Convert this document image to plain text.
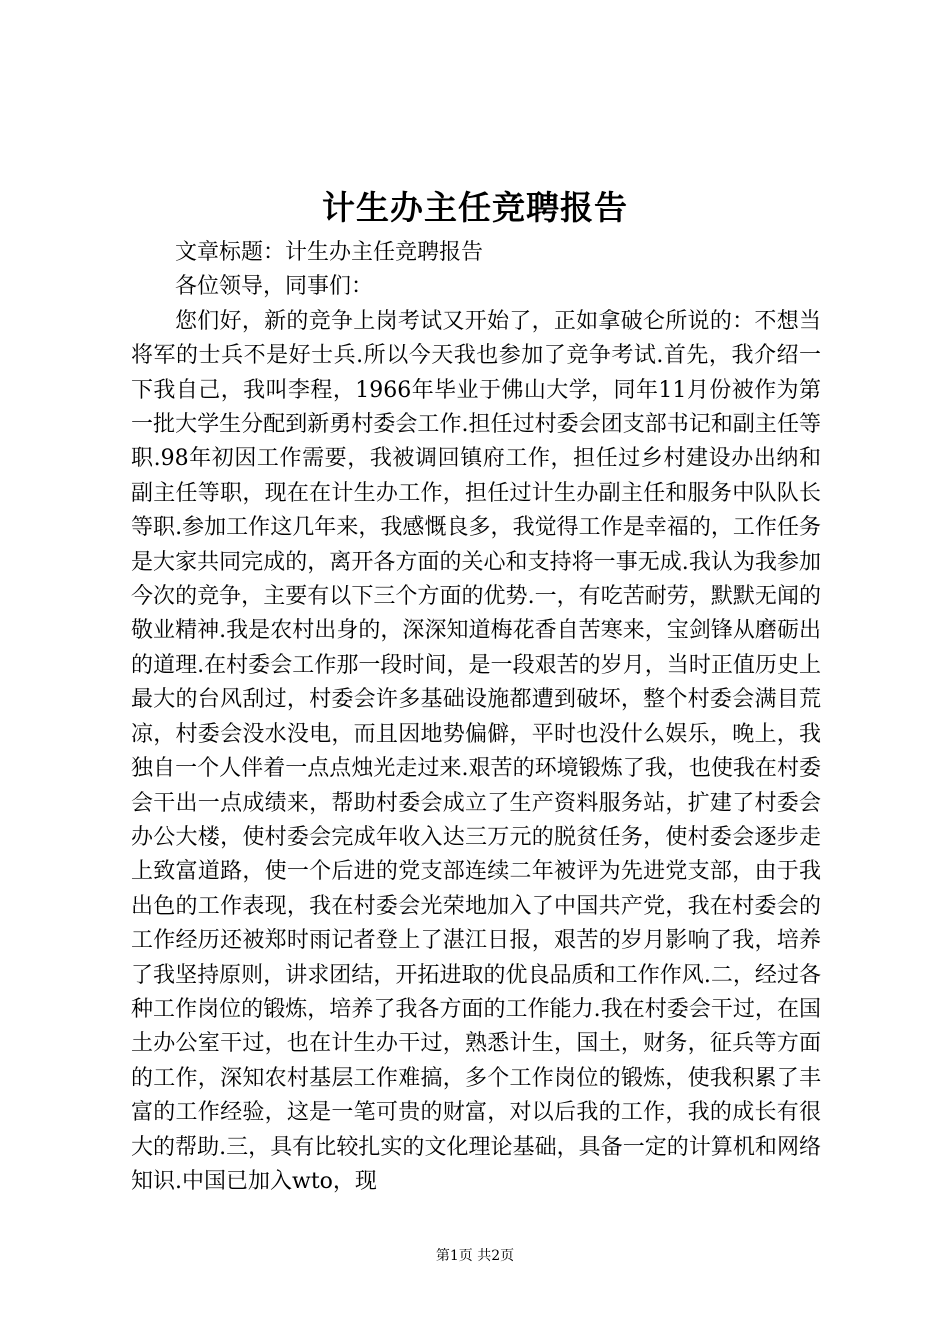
计生办主任竞聘报告

文章标题：计生办主任竞聘报告

各位领导，同事们：

您们好，新的竞争上岗考试又开始了，正如拿破仑所说的：不想当将军的士兵不是好士兵.所以今天我也参加了竞争考试.首先，我介绍一下我自己，我叫李程，1966年毕业于佛山大学，同年11月份被作为第一批大学生分配到新勇村委会工作.担任过村委会团支部书记和副主任等职.98年初因工作需要，我被调回镇府工作，担任过乡村建设办出纳和副主任等职，现在在计生办工作，担任过计生办副主任和服务中队队长等职.参加工作这几年来，我感慨良多，我觉得工作是幸福的，工作任务是大家共同完成的，离开各方面的关心和支持将一事无成.我认为我参加今次的竞争，主要有以下三个方面的优势.一，有吃苦耐劳，默默无闻的敬业精神.我是农村出身的，深深知道梅花香自苦寒来，宝剑锋从磨砺出的道理.在村委会工作那一段时间，是一段艰苦的岁月，当时正值历史上最大的台风刮过，村委会许多基础设施都遭到破坏，整个村委会满目荒凉，村委会没水没电，而且因地势偏僻，平时也没什么娱乐，晚上，我独自一个人伴着一点点烛光走过来.艰苦的环境锻炼了我，也使我在村委会干出一点成绩来，帮助村委会成立了生产资料服务站，扩建了村委会办公大楼，使村委会完成年收入达三万元的脱贫任务，使村委会逐步走上致富道路，使一个后进的党支部连续二年被评为先进党支部，由于我出色的工作表现，我在村委会光荣地加入了中国共产党，我在村委会的工作经历还被郑时雨记者登上了湛江日报，艰苦的岁月影响了我，培养了我坚持原则，讲求团结，开拓进取的优良品质和工作作风.二，经过各种工作岗位的锻炼，培养了我各方面的工作能力.我在村委会干过，在国土办公室干过，也在计生办干过，熟悉计生，国土，财务，征兵等方面的工作，深知农村基层工作难搞，多个工作岗位的锻炼，使我积累了丰富的工作经验，这是一笔可贵的财富，对以后我的工作，我的成长有很大的帮助.三，具有比较扎实的文化理论基础，具备一定的计算机和网络知识.中国已加入wto，现

第1页 共2页
